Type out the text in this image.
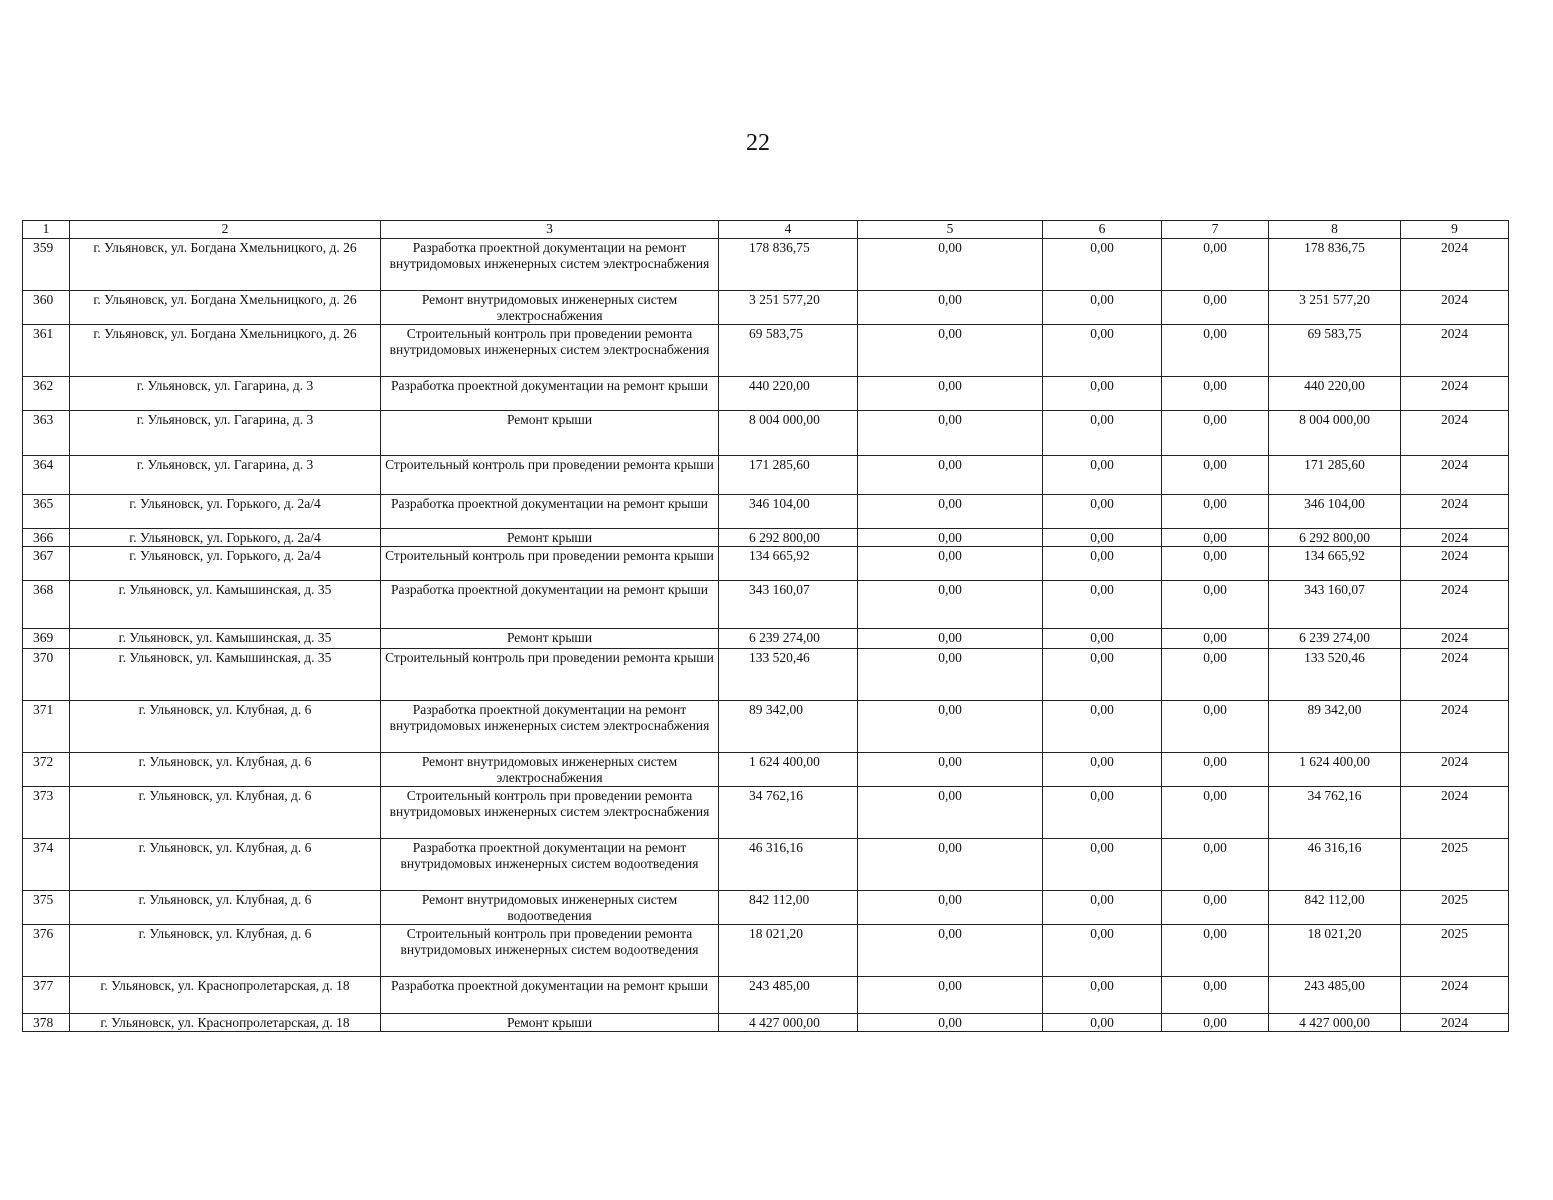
22
1	2	3	4	5	6	7	8	9
359	г. Ульяновск, ул. Богдана Хмельницкого, д. 26	Разработка проектной документации на ремонт внутридомовых инженерных систем электроснабжения	178 836,75	0,00	0,00	0,00	178 836,75	2024
360	г. Ульяновск, ул. Богдана Хмельницкого, д. 26	Ремонт внутридомовых инженерных систем электроснабжения	3 251 577,20	0,00	0,00	0,00	3 251 577,20	2024
361	г. Ульяновск, ул. Богдана Хмельницкого, д. 26	Строительный контроль при проведении ремонта внутридомовых инженерных систем электроснабжения	69 583,75	0,00	0,00	0,00	69 583,75	2024
362	г. Ульяновск, ул. Гагарина, д. 3	Разработка проектной документации на ремонт крыши	440 220,00	0,00	0,00	0,00	440 220,00	2024
363	г. Ульяновск, ул. Гагарина, д. 3	Ремонт крыши	8 004 000,00	0,00	0,00	0,00	8 004 000,00	2024
364	г. Ульяновск, ул. Гагарина, д. 3	Строительный контроль при проведении ремонта крыши	171 285,60	0,00	0,00	0,00	171 285,60	2024
365	г. Ульяновск, ул. Горького, д. 2а/4	Разработка проектной документации на ремонт крыши	346 104,00	0,00	0,00	0,00	346 104,00	2024
366	г. Ульяновск, ул. Горького, д. 2а/4	Ремонт крыши	6 292 800,00	0,00	0,00	0,00	6 292 800,00	2024
367	г. Ульяновск, ул. Горького, д. 2а/4	Строительный контроль при проведении ремонта крыши	134 665,92	0,00	0,00	0,00	134 665,92	2024
368	г. Ульяновск, ул. Камышинская, д. 35	Разработка проектной документации на ремонт крыши	343 160,07	0,00	0,00	0,00	343 160,07	2024
369	г. Ульяновск, ул. Камышинская, д. 35	Ремонт крыши	6 239 274,00	0,00	0,00	0,00	6 239 274,00	2024
370	г. Ульяновск, ул. Камышинская, д. 35	Строительный контроль при проведении ремонта крыши	133 520,46	0,00	0,00	0,00	133 520,46	2024
371	г. Ульяновск, ул. Клубная, д. 6	Разработка проектной документации на ремонт внутридомовых инженерных систем электроснабжения	89 342,00	0,00	0,00	0,00	89 342,00	2024
372	г. Ульяновск, ул. Клубная, д. 6	Ремонт внутридомовых инженерных систем электроснабжения	1 624 400,00	0,00	0,00	0,00	1 624 400,00	2024
373	г. Ульяновск, ул. Клубная, д. 6	Строительный контроль при проведении ремонта внутридомовых инженерных систем электроснабжения	34 762,16	0,00	0,00	0,00	34 762,16	2024
374	г. Ульяновск, ул. Клубная, д. 6	Разработка проектной документации на ремонт внутридомовых инженерных систем водоотведения	46 316,16	0,00	0,00	0,00	46 316,16	2025
375	г. Ульяновск, ул. Клубная, д. 6	Ремонт внутридомовых инженерных систем водоотведения	842 112,00	0,00	0,00	0,00	842 112,00	2025
376	г. Ульяновск, ул. Клубная, д. 6	Строительный контроль при проведении ремонта внутридомовых инженерных систем водоотведения	18 021,20	0,00	0,00	0,00	18 021,20	2025
377	г. Ульяновск, ул. Краснопролетарская, д. 18	Разработка проектной документации на ремонт крыши	243 485,00	0,00	0,00	0,00	243 485,00	2024
378	г. Ульяновск, ул. Краснопролетарская, д. 18	Ремонт крыши	4 427 000,00	0,00	0,00	0,00	4 427 000,00	2024
